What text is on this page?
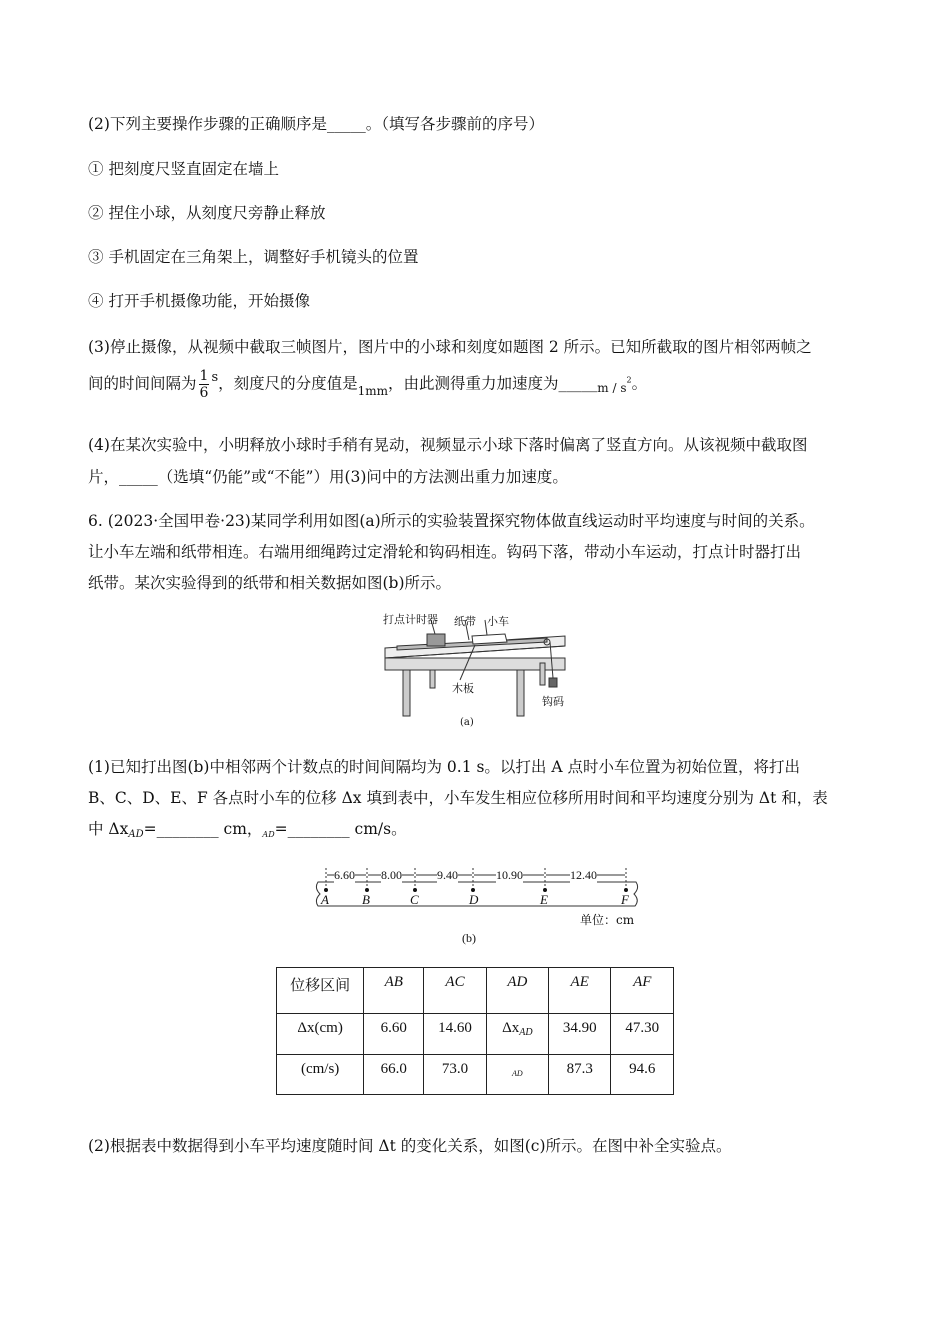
(2)下列主要操作步骤的正确顺序是_____。（填写各步骤前的序号）
① 把刻度尺竖直固定在墙上
② 捏住小球，从刻度尺旁静止释放
③ 手机固定在三角架上，调整好手机镜头的位置
④ 打开手机摄像功能，开始摄像
(3)停止摄像，从视频中截取三帧图片，图片中的小球和刻度如题图 2 所示。已知所截取的图片相邻两帧之
间的时间间隔为 $\frac{1}{6} ^s$，刻度尺的分度值是$_{1mm}$，由此测得重力加速度为_____m / $s^2$。
(4)在某次实验中，小明释放小球时手稍有晃动，视频显示小球下落时偏离了竖直方向。从该视频中截取图
片，_____（选填“仍能”或“不能”）用(3)问中的方法测出重力加速度。
6. (2023·全国甲卷·23)某同学利用如图(a)所示的实验装置探究物体做直线运动时平均速度与时间的关系。
让小车左端和纸带相连。右端用细绳跨过定滑轮和钩码相连。钩码下落，带动小车运动，打点计时器打出
纸带。某次实验得到的纸带和相关数据如图(b)所示。
打点计时器 纸带 小车
木板
钩码
(a)
(1)已知打出图(b)中相邻两个计数点的时间间隔均为 0.1 s。以打出 A 点时小车位置为初始位置，将打出
B、C、D、E、F 各点时小车的位移 Δx 填到表中，小车发生相应位移所用时间和平均速度分别为 Δt 和，表
中 $\Delta x_{AD}=\_\_\_\_\_\_\_\_$ cm，$_{AD}$=________ cm/s。
6.60 8.00	9.40	10.90	12.40
A	B	C	D	E	F
单位：cm
(b)
位移区间	AB	AC	AD	AE	AF
Δx(cm)	6.60	14.60	$\Delta x_{AD}$	34.90	47.30
(cm/s)	66.0	73.0	$_{AD}$	87.3	94.6
(2)根据表中数据得到小车平均速度随时间 Δt 的变化关系，如图(c)所示。在图中补全实验点。
